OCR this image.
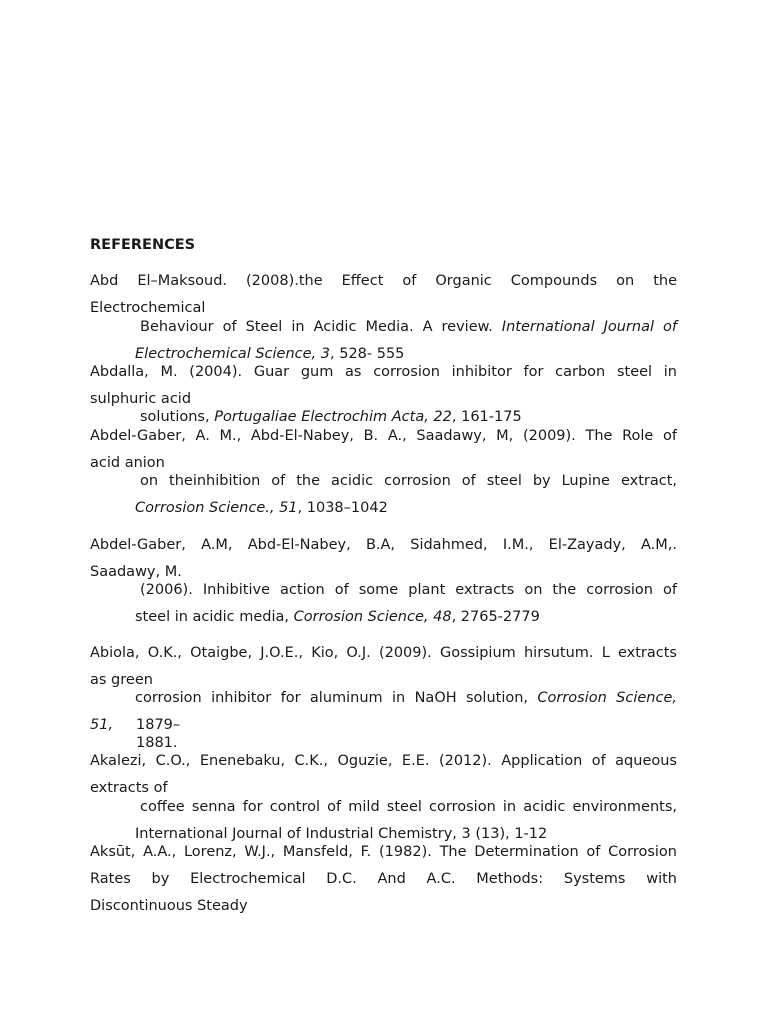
REFERENCES

Abd El–Maksoud. (2008).the Effect of Organic Compounds on the

Electrochemical

Behaviour of Steel in Acidic Media. A review. International Journal of

Electrochemical Science, 3, 528- 555

Abdalla, M. (2004). Guar gum as corrosion inhibitor for carbon steel in

sulphuric acid

solutions, Portugaliae Electrochim Acta, 22, 161-175

Abdel-Gaber, A. M., Abd-El-Nabey, B. A., Saadawy, M, (2009). The Role of

acid anion

on theinhibition of the acidic corrosion of steel by Lupine extract,

Corrosion Science., 51, 1038–1042

Abdel-Gaber, A.M, Abd-El-Nabey, B.A, Sidahmed, I.M., El-Zayady, A.M,.

Saadawy, M.

(2006). Inhibitive action of some plant extracts on the corrosion of

steel in acidic media, Corrosion Science, 48, 2765-2779

Abiola, O.K., Otaigbe, J.O.E., Kio, O.J. (2009). Gossipium hirsutum. L extracts

as green

corrosion inhibitor for aluminum in NaOH solution, Corrosion Science,

51, 1879–

1881.

Akalezi, C.O., Enenebaku, C.K., Oguzie, E.E. (2012). Application of aqueous

extracts of

coffee senna for control of mild steel corrosion in acidic environments,

International Journal of Industrial Chemistry, 3 (13), 1-12

Aksūt, A.A., Lorenz, W.J., Mansfeld, F. (1982). The Determination of Corrosion

Rates by Electrochemical D.C. And A.C. Methods: Systems with

Discontinuous Steady
